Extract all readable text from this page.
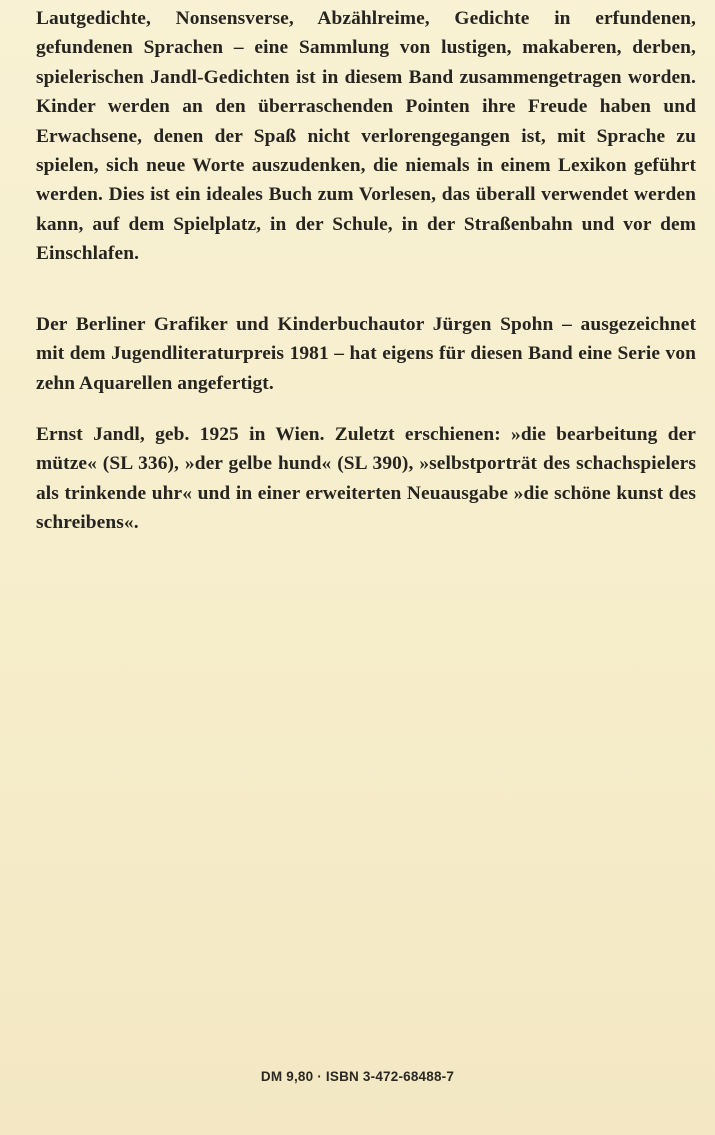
Lautgedichte, Nonsensverse, Abzählreime, Gedichte in erfundenen, gefundenen Sprachen – eine Sammlung von lustigen, makaberen, derben, spielerischen Jandl-Gedichten ist in diesem Band zusammengetragen worden. Kinder werden an den überraschenden Pointen ihre Freude haben und Erwachsene, denen der Spaß nicht verlorengegangen ist, mit Sprache zu spielen, sich neue Worte auszudenken, die niemals in einem Lexikon geführt werden. Dies ist ein ideales Buch zum Vorlesen, das überall verwendet werden kann, auf dem Spielplatz, in der Schule, in der Straßenbahn und vor dem Einschlafen.

Der Berliner Grafiker und Kinderbuchautor Jürgen Spohn – ausgezeichnet mit dem Jugendliteraturpreis 1981 – hat eigens für diesen Band eine Serie von zehn Aquarellen angefertigt.

Ernst Jandl, geb. 1925 in Wien. Zuletzt erschienen: »die bearbeitung der mütze« (SL 336), »der gelbe hund« (SL 390), »selbstporträt des schachspielers als trinkende uhr« und in einer erweiterten Neuausgabe »die schöne kunst des schreibens«.

DM 9,80 · ISBN 3-472-68488-7
